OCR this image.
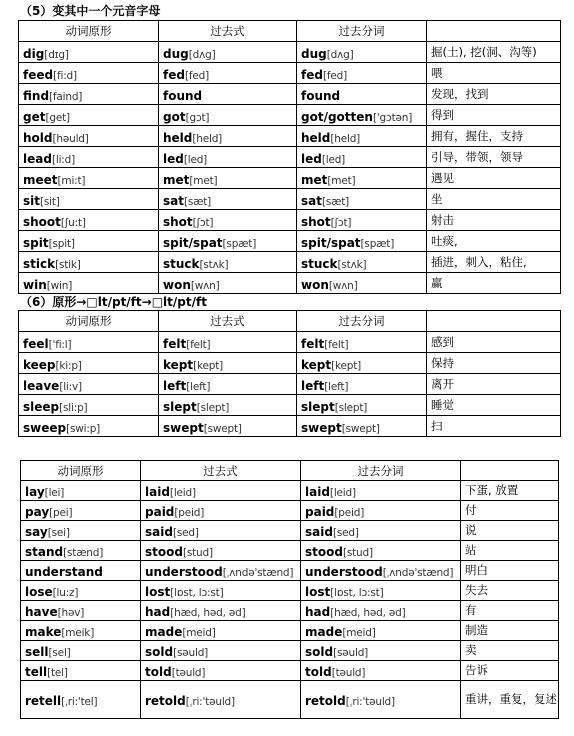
（5）变其中一个元音字母
动词原形	过去式	过去分词	
dig[dɪg]	dug[dʌg]	dug[dʌg]	掘(土), 挖(洞、沟等)
feed[fi:d]	fed[fed]	fed[fed]	喂
find[faind]	found	found	发现，找到
get[get]	got[gɔt]	got/gotten['gɔtən]	得到
hold[həuld]	held[held]	held[held]	拥有，握住，支持
lead[li:d]	led[led]	led[led]	引导，带领，领导
meet[mi:t]	met[met]	met[met]	遇见
sit[sit]	sat[sæt]	sat[sæt]	坐
shoot[ʃu:t]	shot[ʃɔt]	shot[ʃɔt]	射击
spit[spit]	spit/spat[spæt]	spit/spat[spæt]	吐痰,
stick[stik]	stuck[stʌk]	stuck[stʌk]	插进，刺入，粘住,
win[win]	won[wʌn]	won[wʌn]	赢
（6）原形→□lt/pt/ft→□lt/pt/ft
动词原形	过去式	过去分词	
feel['fi:l]	felt[felt]	felt[felt]	感到
keep[ki:p]	kept[kept]	kept[kept]	保持
leave[li:v]	left[left]	left[left]	离开
sleep[sli:p]	slept[slept]	slept[slept]	睡觉
sweep[swi:p]	swept[swept]	swept[swept]	扫
动词原形	过去式	过去分词	
lay[lei]	laid[leid]	laid[leid]	下蛋, 放置
pay[pei]	paid[peid]	paid[peid]	付
say[sei]	said[sed]	said[sed]	说
stand[stænd]	stood[stud]	stood[stud]	站
understand	understood[ˌʌndə'stænd]	understood[ˌʌndə'stænd]	明白
lose[lu:z]	lost[lɒst, lɔ:st]	lost[lɒst, lɔ:st]	失去
have[həv]	had[hæd, həd, əd]	had[hæd, həd, əd]	有
make[meik]	made[meid]	made[meid]	制造
sell[sel]	sold[səuld]	sold[səuld]	卖
tell[tel]	told[təuld]	told[təuld]	告诉
retell[ˌri:'tel]	retold[ˌri:'təuld]	retold[ˌri:'təuld]	重讲，重复，复述
